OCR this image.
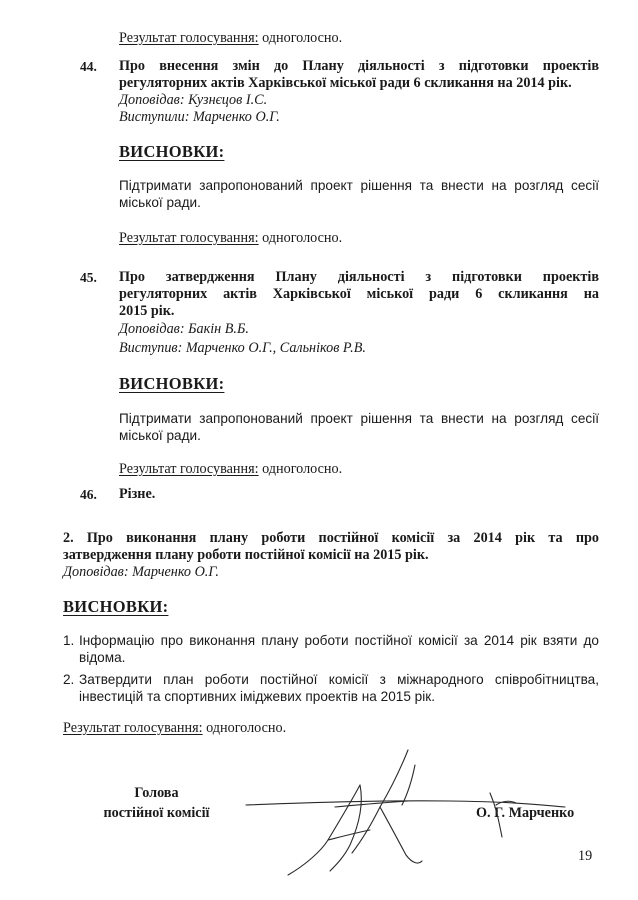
Результат голосування: одноголосно.
44. Про внесення змін до Плану діяльності з підготовки проектів
регуляторних актів Харківської міської ради 6 скликання на 2014 рік.
Доповідав: Кузнєцов І.С.
Виступили: Марченко О.Г.
ВИСНОВКИ:
Підтримати запропонований проект рішення та внести на розгляд сесії
міської ради.
Результат голосування: одноголосно.
45. Про затвердження Плану діяльності з підготовки проектів
регуляторних актів Харківської міської ради 6 скликання на
2015 рік.
Доповідав: Бакін В.Б.
Виступив: Марченко О.Г., Сальніков Р.В.
ВИСНОВКИ:
Підтримати запропонований проект рішення та внести на розгляд сесії
міської ради.
Результат голосування: одноголосно.
46. Різне.
2. Про виконання плану роботи постійної комісії за 2014 рік та про
затвердження плану роботи постійної комісії на 2015 рік.
Доповідав: Марченко О.Г.
ВИСНОВКИ:
1. Інформацію про виконання плану роботи постійної комісії за 2014 рік взяти до
відома.
2. Затвердити план роботи постійної комісії з міжнародного співробітництва,
інвестицій та спортивних іміджевих проектів на 2015 рік.
Результат голосування: одноголосно.
Голова
постійної комісії	О. Г. Марченко
19
